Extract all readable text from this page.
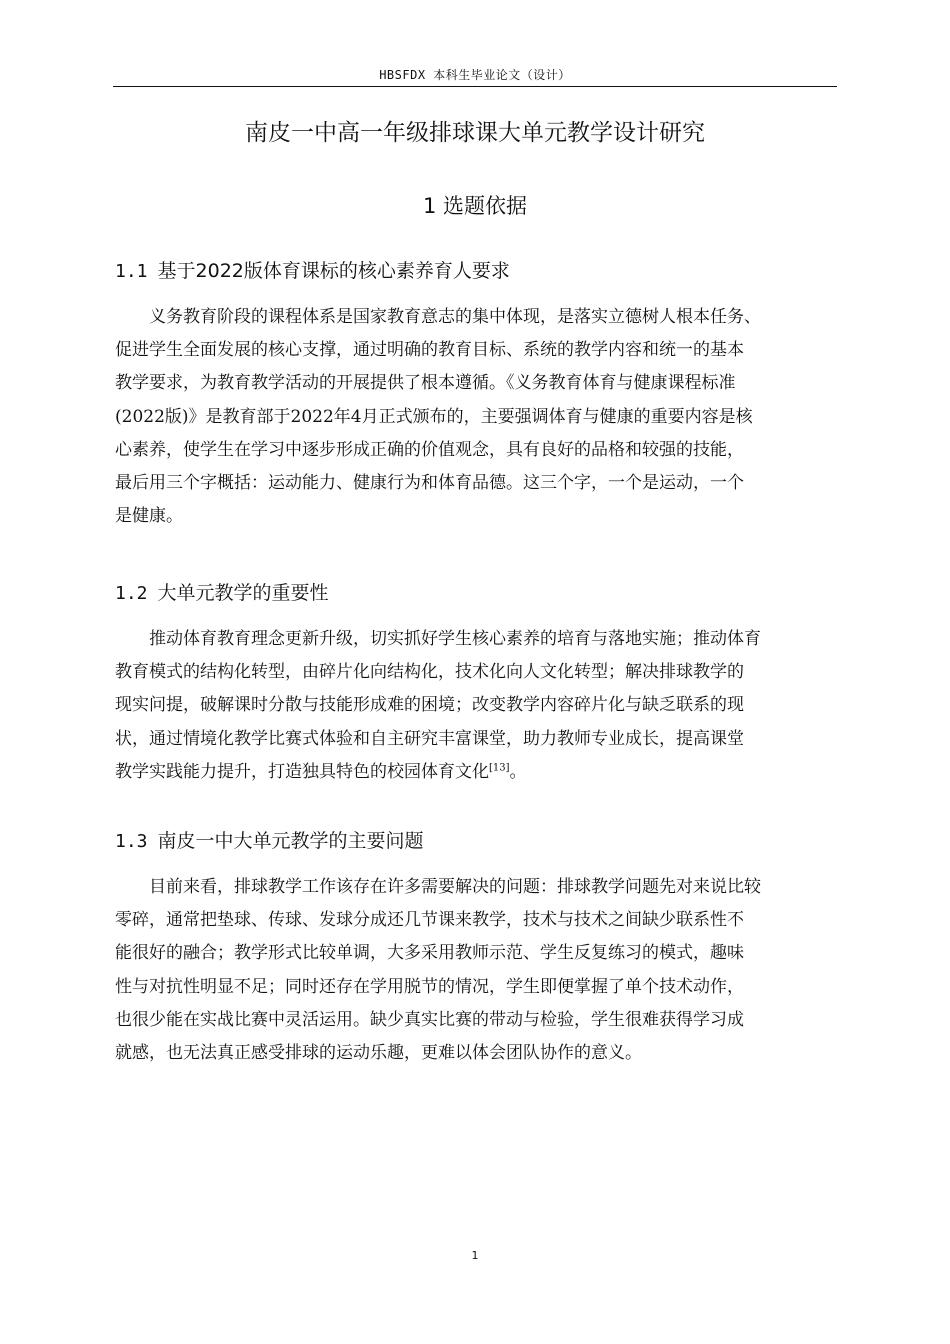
HBSFDX 本科生毕业论文（设计）
南皮一中高一年级排球课大单元教学设计研究
1 选题依据
1.1 基于2022版体育课标的核心素养育人要求
义务教育阶段的课程体系是国家教育意志的集中体现，是落实立德树人根本任务、
促进学生全面发展的核心支撑，通过明确的教育目标、系统的教学内容和统一的基本
教学要求，为教育教学活动的开展提供了根本遵循。《义务教育体育与健康课程标准
(2022版)》是教育部于2022年4月正式颁布的，主要强调体育与健康的重要内容是核
心素养，使学生在学习中逐步形成正确的价值观念，具有良好的品格和较强的技能，
最后用三个字概括：运动能力、健康行为和体育品德。这三个字，一个是运动，一个
是健康。
1.2 大单元教学的重要性
推动体育教育理念更新升级，切实抓好学生核心素养的培育与落地实施；推动体育
教育模式的结构化转型，由碎片化向结构化，技术化向人文化转型；解决排球教学的
现实问提，破解课时分散与技能形成难的困境；改变教学内容碎片化与缺乏联系的现
状，通过情境化教学比赛式体验和自主研究丰富课堂，助力教师专业成长，提高课堂
教学实践能力提升，打造独具特色的校园体育文化[13]。
1.3 南皮一中大单元教学的主要问题
目前来看，排球教学工作该存在许多需要解决的问题：排球教学问题先对来说比较
零碎，通常把垫球、传球、发球分成还几节课来教学，技术与技术之间缺少联系性不
能很好的融合；教学形式比较单调，大多采用教师示范、学生反复练习的模式，趣味
性与对抗性明显不足；同时还存在学用脱节的情况，学生即便掌握了单个技术动作，
也很少能在实战比赛中灵活运用。缺少真实比赛的带动与检验，学生很难获得学习成
就感，也无法真正感受排球的运动乐趣，更难以体会团队协作的意义。
1
